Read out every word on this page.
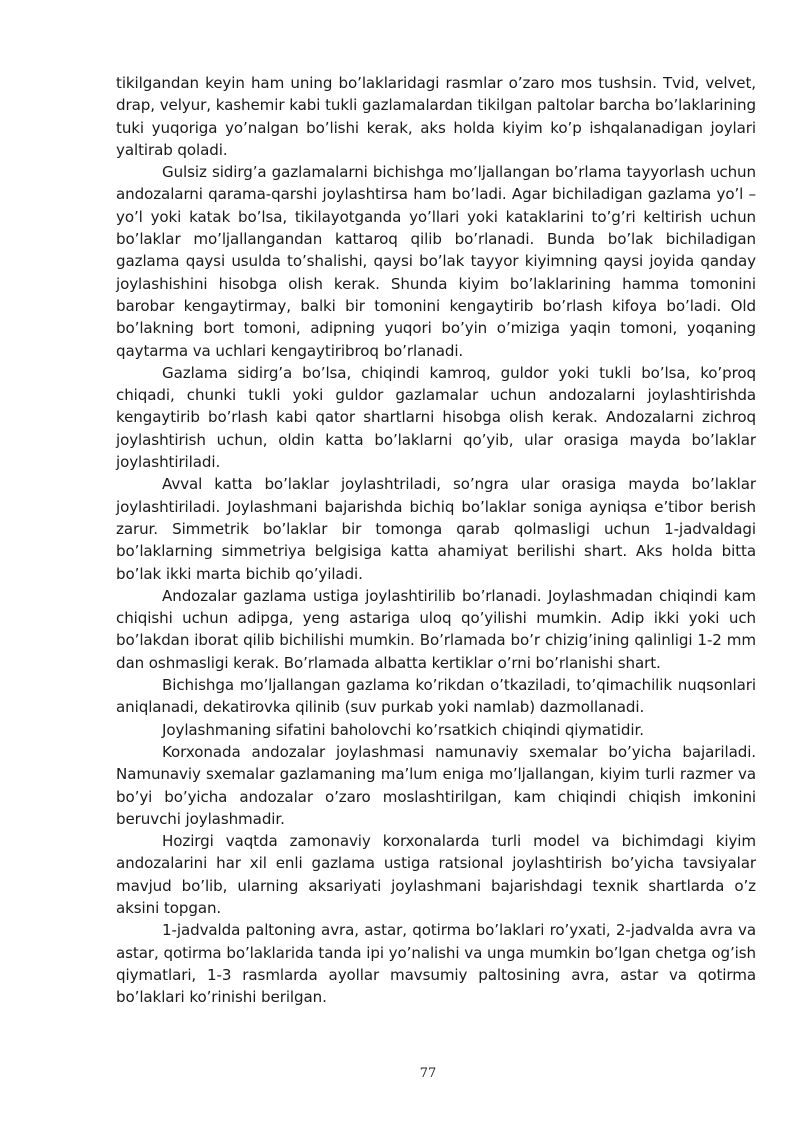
tikilgandan keyin ham uning bo’laklaridagi rasmlar o’zaro mos tushsin. Tvid, velvet, drap, velyur, kashemir kabi tukli gazlamalardan tikilgan paltolar barcha bo’laklarining tuki yuqoriga yo’nalgan bo’lishi kerak, aks holda kiyim ko’p ishqalanadigan joylari yaltirab qoladi.

Gulsiz sidirg’a gazlamalarni bichishga mo’ljallangan bo’rlama tayyorlash uchun andozalarni qarama-qarshi joylashtirsa ham bo’ladi. Agar bichiladigan gazlama yo’l – yo’l yoki katak bo’lsa, tikilayotganda yo’llari yoki kataklarini to’g’ri keltirish uchun bo’laklar mo’ljallangandan kattaroq qilib bo’rlanadi. Bunda bo’lak bichiladigan gazlama qaysi usulda to’shalishi, qaysi bo’lak tayyor kiyimning qaysi joyida qanday joylashishini hisobga olish kerak. Shunda kiyim bo’laklarining hamma tomonini barobar kengaytirmay, balki bir tomonini kengaytirib bo’rlash kifoya bo’ladi. Old bo’lakning bort tomoni, adipning yuqori bo’yin o’miziga yaqin tomoni, yoqaning qaytarma va uchlari kengaytiribroq bo’rlanadi.

Gazlama sidirg’a bo’lsa, chiqindi kamroq, guldor yoki tukli bo’lsa, ko’proq chiqadi, chunki tukli yoki guldor gazlamalar uchun andozalarni joylashtirishda kengaytirib bo’rlash kabi qator shartlarni hisobga olish kerak. Andozalarni zichroq joylashtirish uchun, oldin katta bo’laklarni qo’yib, ular orasiga mayda bo’laklar joylashtiriladi.

Avval katta bo’laklar joylashtriladi, so’ngra ular orasiga mayda bo’laklar joylashtiriladi. Joylashmani bajarishda bichiq bo’laklar soniga ayniqsa e’tibor berish zarur. Simmetrik bo’laklar bir tomonga qarab qolmasligi uchun 1-jadvaldagi bo’laklarning simmetriya belgisiga katta ahamiyat berilishi shart. Aks holda bitta bo’lak ikki marta bichib qo’yiladi.

Andozalar gazlama ustiga joylashtirilib bo’rlanadi. Joylashmadan chiqindi kam chiqishi uchun adipga, yeng astariga uloq qo’yilishi mumkin. Adip ikki yoki uch bo’lakdan iborat qilib bichilishi mumkin. Bo’rlamada bo’r chizig’ining qalinligi 1-2 mm dan oshmasligi kerak. Bo’rlamada albatta kertiklar o’rni bo’rlanishi shart.

Bichishga mo’ljallangan gazlama ko’rikdan o’tkaziladi, to’qimachilik nuqsonlari aniqlanadi, dekatirovka qilinib (suv purkab yoki namlab) dazmollanadi.

Joylashmaning sifatini baholovchi ko’rsatkich chiqindi qiymatidir.

Korxonada andozalar joylashmasi namunaviy sxemalar bo’yicha bajariladi. Namunaviy sxemalar gazlamaning ma’lum eniga mo’ljallangan, kiyim turli razmer va bo’yi bo’yicha andozalar o’zaro moslashtirilgan, kam chiqindi chiqish imkonini beruvchi joylashmadir.

Hozirgi vaqtda zamonaviy korxonalarda turli model va bichimdagi kiyim andozalarini har xil enli gazlama ustiga ratsional joylashtirish bo’yicha tavsiyalar mavjud bo’lib, ularning aksariyati joylashmani bajarishdagi texnik shartlarda o’z aksini topgan.

1-jadvalda paltoning avra, astar, qotirma bo’laklari ro’yxati, 2-jadvalda avra va astar, qotirma bo’laklarida tanda ipi yo’nalishi va unga mumkin bo’lgan chetga og’ish qiymatlari, 1-3 rasmlarda ayollar mavsumiy paltosining avra, astar va qotirma bo’laklari ko’rinishi berilgan.

77
